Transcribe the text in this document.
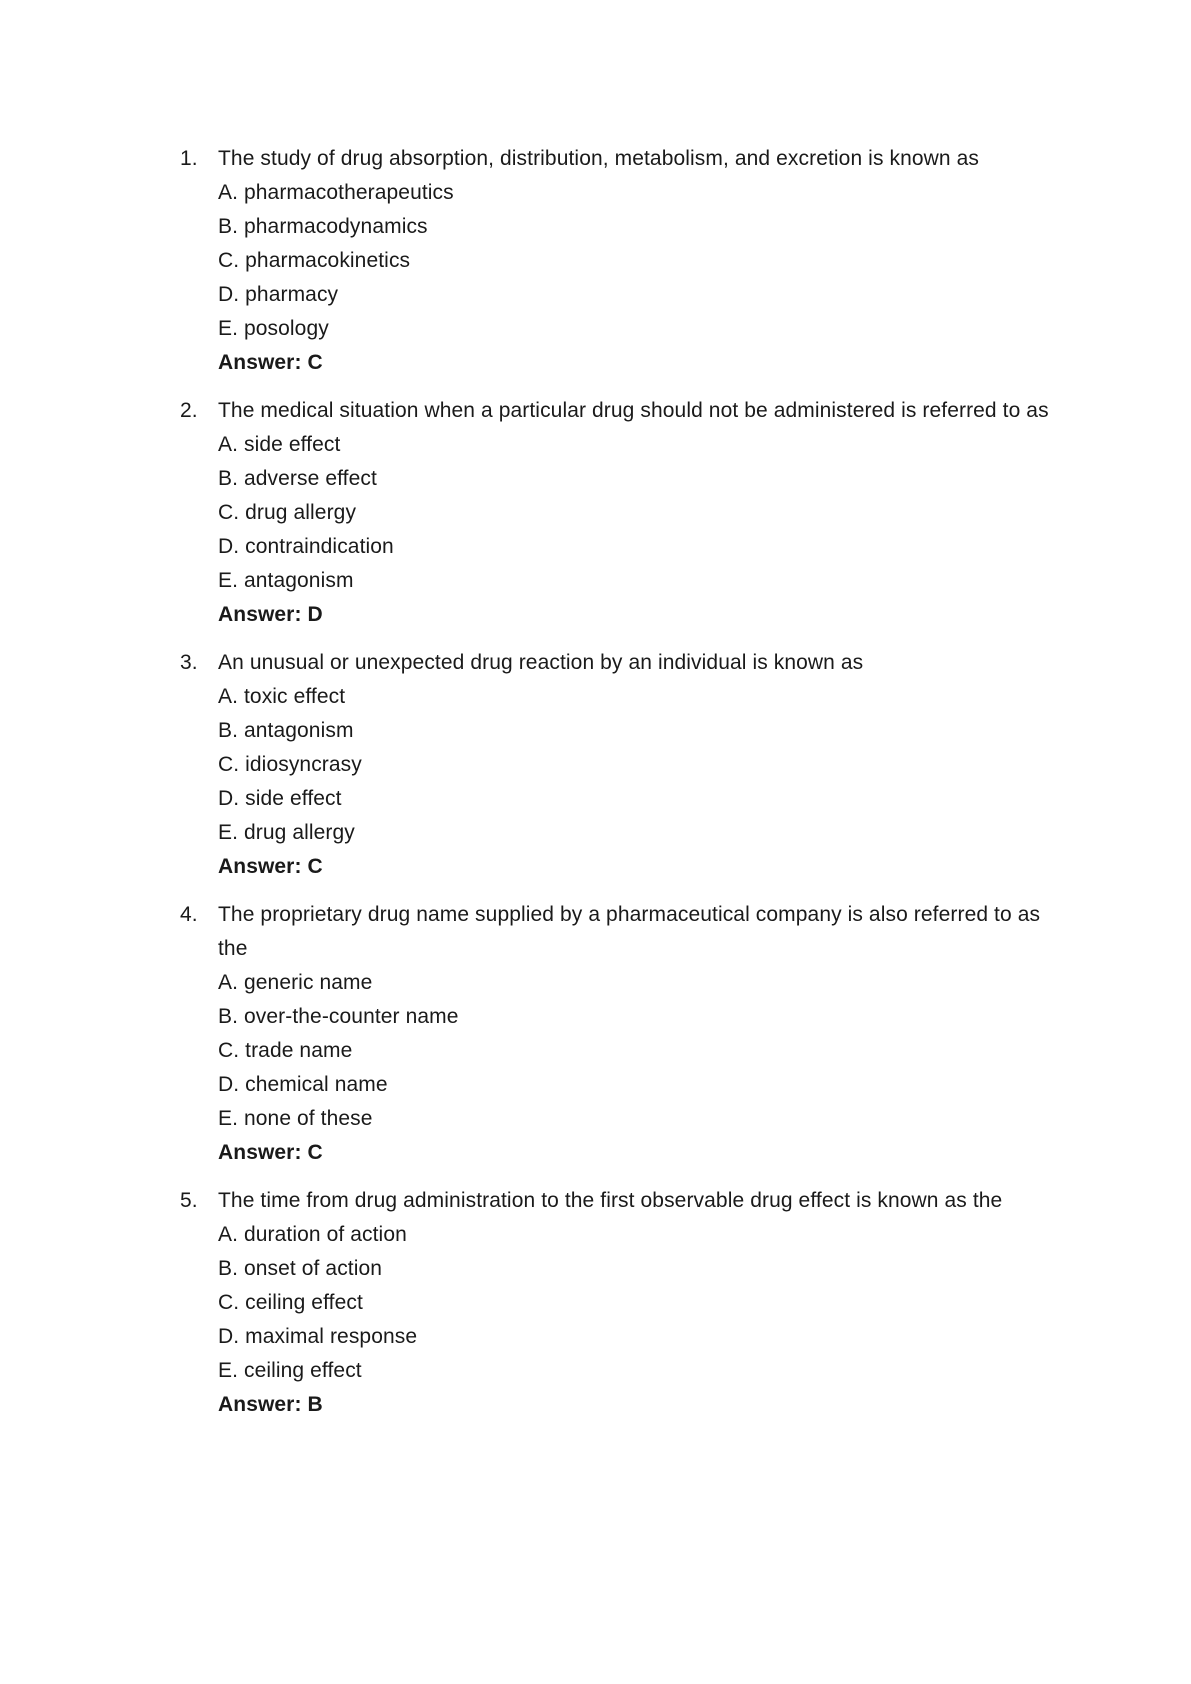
1. The study of drug absorption, distribution, metabolism, and excretion is known as
A. pharmacotherapeutics
B. pharmacodynamics
C. pharmacokinetics
D. pharmacy
E. posology
Answer: C
2. The medical situation when a particular drug should not be administered is referred to as
A. side effect
B. adverse effect
C. drug allergy
D. contraindication
E. antagonism
Answer: D
3. An unusual or unexpected drug reaction by an individual is known as
A. toxic effect
B. antagonism
C. idiosyncrasy
D. side effect
E. drug allergy
Answer: C
4. The proprietary drug name supplied by a pharmaceutical company is also referred to as the
A. generic name
B. over-the-counter name
C. trade name
D. chemical name
E. none of these
Answer: C
5. The time from drug administration to the first observable drug effect is known as the
A. duration of action
B. onset of action
C. ceiling effect
D. maximal response
E. ceiling effect
Answer: B
